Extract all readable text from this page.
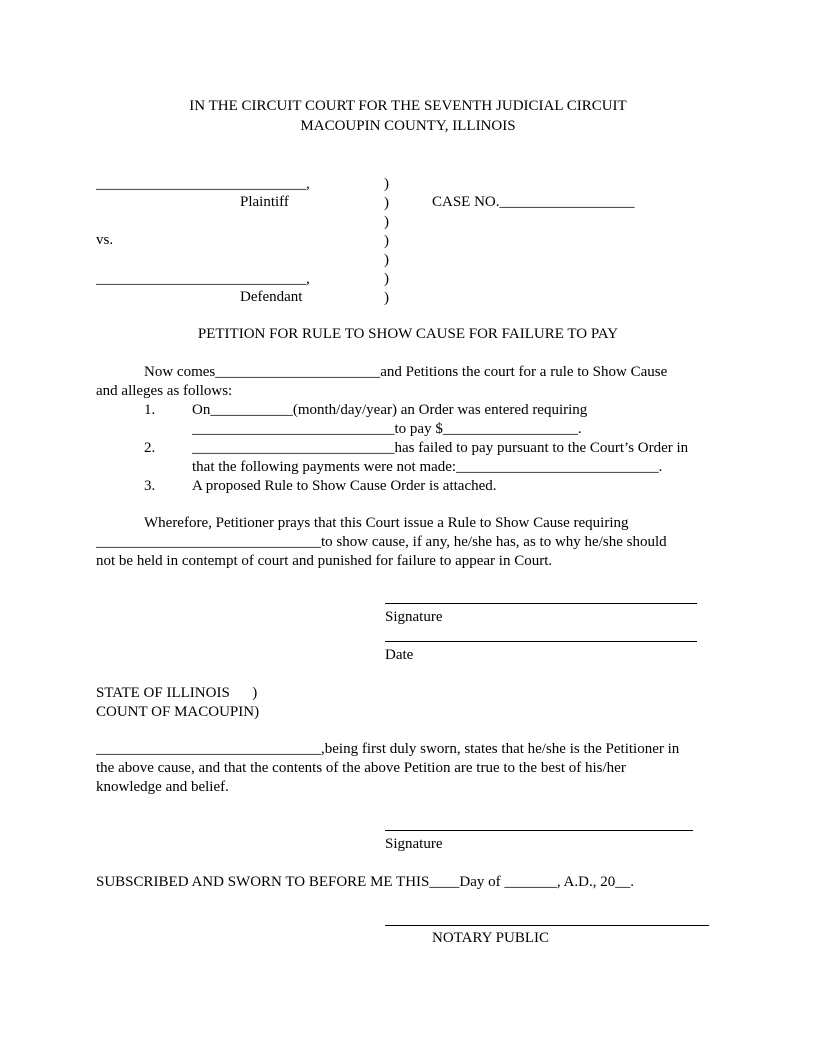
IN THE CIRCUIT COURT FOR THE SEVENTH JUDICIAL CIRCUIT
MACOUPIN COUNTY, ILLINOIS
____________________________,
Plaintiff
vs.
____________________________,
Defendant
)
)
)
)
)
)
)
CASE NO.__________________
PETITION FOR RULE TO SHOW CAUSE FOR FAILURE TO PAY
Now comes______________________and Petitions the court for a rule to Show Cause
and alleges as follows:
1. On___________(month/day/year) an Order was entered requiring
___________________________to pay $__________________.
2. ___________________________has failed to pay pursuant to the Court’s Order in
that the following payments were not made:___________________________.
3. A proposed Rule to Show Cause Order is attached.
Wherefore, Petitioner prays that this Court issue a Rule to Show Cause requiring
______________________________to show cause, if any, he/she has, as to why he/she should
not be held in contempt of court and punished for failure to appear in Court.
Signature
Date
STATE OF ILLINOIS      )
COUNT OF MACOUPIN)
______________________________,being first duly sworn, states that he/she is the Petitioner in
the above cause, and that the contents of the above Petition are true to the best of his/her
knowledge and belief.
Signature
SUBSCRIBED AND SWORN TO BEFORE ME THIS____Day of _______, A.D., 20__.
NOTARY PUBLIC
